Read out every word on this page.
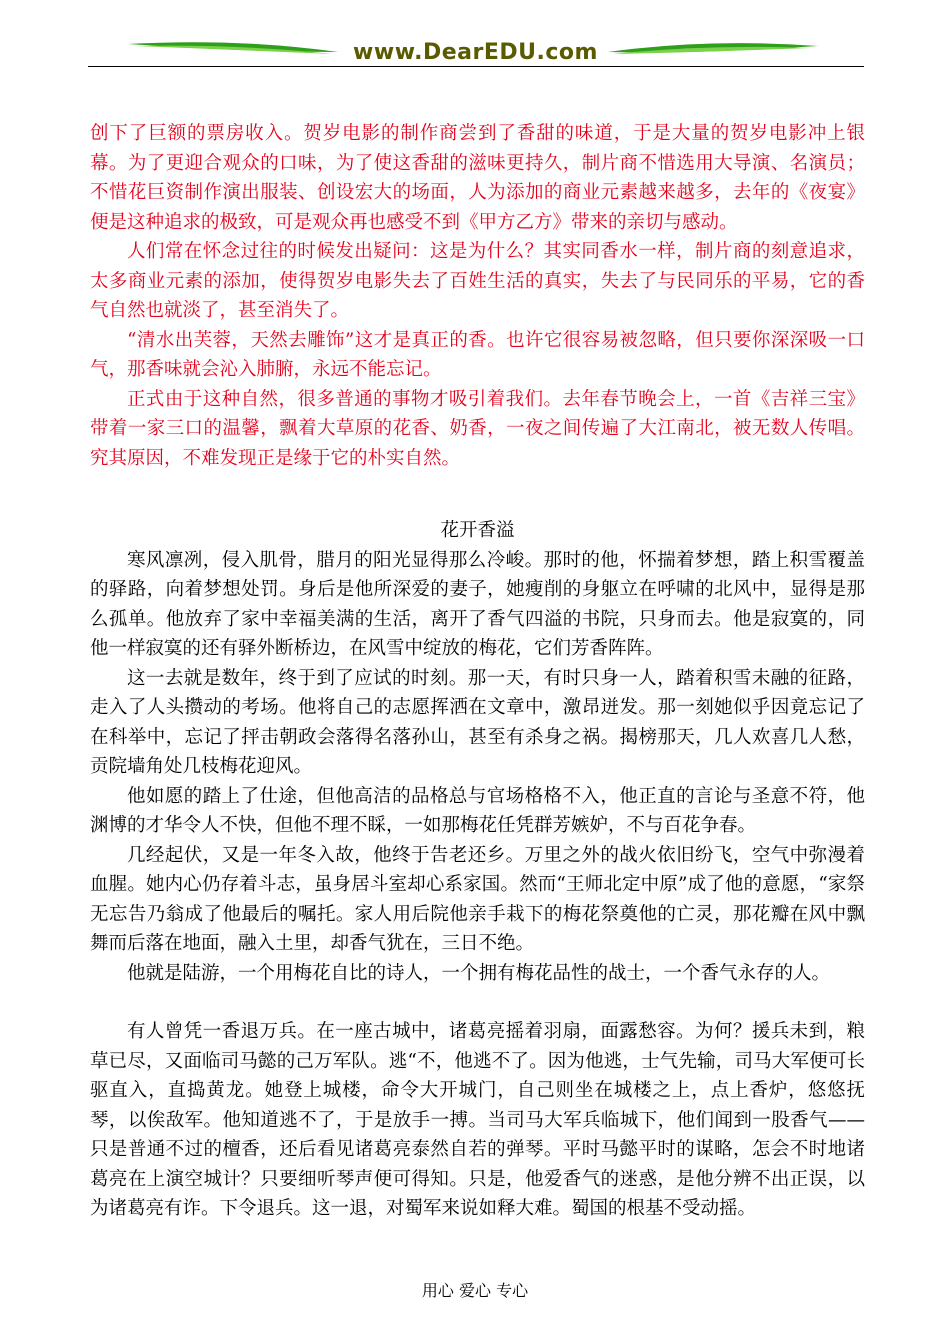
www.DearEDU.com

创下了巨额的票房收入。贺岁电影的制作商尝到了香甜的味道，于是大量的贺岁电影冲上银幕。为了更迎合观众的口味，为了使这香甜的滋味更持久，制片商不惜选用大导演、名演员；不惜花巨资制作演出服装、创设宏大的场面，人为添加的商业元素越来越多，去年的《夜宴》便是这种追求的极致，可是观众再也感受不到《甲方乙方》带来的亲切与感动。

人们常在怀念过往的时候发出疑问：这是为什么？其实同香水一样，制片商的刻意追求，太多商业元素的添加，使得贺岁电影失去了百姓生活的真实，失去了与民同乐的平易，它的香气自然也就淡了，甚至消失了。

“清水出芙蓉，天然去雕饰”这才是真正的香。也许它很容易被忽略，但只要你深深吸一口气，那香味就会沁入肺腑，永远不能忘记。

正式由于这种自然，很多普通的事物才吸引着我们。去年春节晚会上，一首《吉祥三宝》带着一家三口的温馨，飘着大草原的花香、奶香，一夜之间传遍了大江南北，被无数人传唱。究其原因，不难发现正是缘于它的朴实自然。

花开香溢

寒风凛冽，侵入肌骨，腊月的阳光显得那么冷峻。那时的他，怀揣着梦想，踏上积雪覆盖的驿路，向着梦想处罚。身后是他所深爱的妻子，她瘦削的身躯立在呼啸的北风中，显得是那么孤单。他放弃了家中幸福美满的生活，离开了香气四溢的书院，只身而去。他是寂寞的，同他一样寂寞的还有驿外断桥边，在风雪中绽放的梅花，它们芳香阵阵。

这一去就是数年，终于到了应试的时刻。那一天，有时只身一人，踏着积雪未融的征路，走入了人头攒动的考场。他将自己的志愿挥洒在文章中，激昂迸发。那一刻她似乎因竟忘记了在科举中，忘记了抨击朝政会落得名落孙山，甚至有杀身之祸。揭榜那天，几人欢喜几人愁，贡院墙角处几枝梅花迎风。

他如愿的踏上了仕途，但他高洁的品格总与官场格格不入，他正直的言论与圣意不符，他渊博的才华令人不快，但他不理不睬，一如那梅花任凭群芳嫉妒，不与百花争春。

几经起伏，又是一年冬入故，他终于告老还乡。万里之外的战火依旧纷飞，空气中弥漫着血腥。她内心仍存着斗志，虽身居斗室却心系家国。然而“王师北定中原”成了他的意愿，“家祭无忘告乃翁成了他最后的嘱托。家人用后院他亲手栽下的梅花祭奠他的亡灵，那花瓣在风中飘舞而后落在地面，融入土里，却香气犹在，三日不绝。

他就是陆游，一个用梅花自比的诗人，一个拥有梅花品性的战士，一个香气永存的人。

有人曾凭一香退万兵。在一座古城中，诸葛亮摇着羽扇，面露愁容。为何？援兵未到，粮草已尽，又面临司马懿的己万军队。逃“不，他逃不了。因为他逃，士气先输，司马大军便可长驱直入，直捣黄龙。她登上城楼，命令大开城门，自己则坐在城楼之上，点上香炉，悠悠抚琴，以俟敌军。他知道逃不了，于是放手一搏。当司马大军兵临城下，他们闻到一股香气——只是普通不过的檀香，还后看见诸葛亮泰然自若的弹琴。平时马懿平时的谋略，怎会不时地诸葛亮在上演空城计？只要细听琴声便可得知。只是，他爱香气的迷惑，是他分辨不出正误，以为诸葛亮有诈。下令退兵。这一退，对蜀军来说如释大难。蜀国的根基不受动摇。

用心 爱心 专心
